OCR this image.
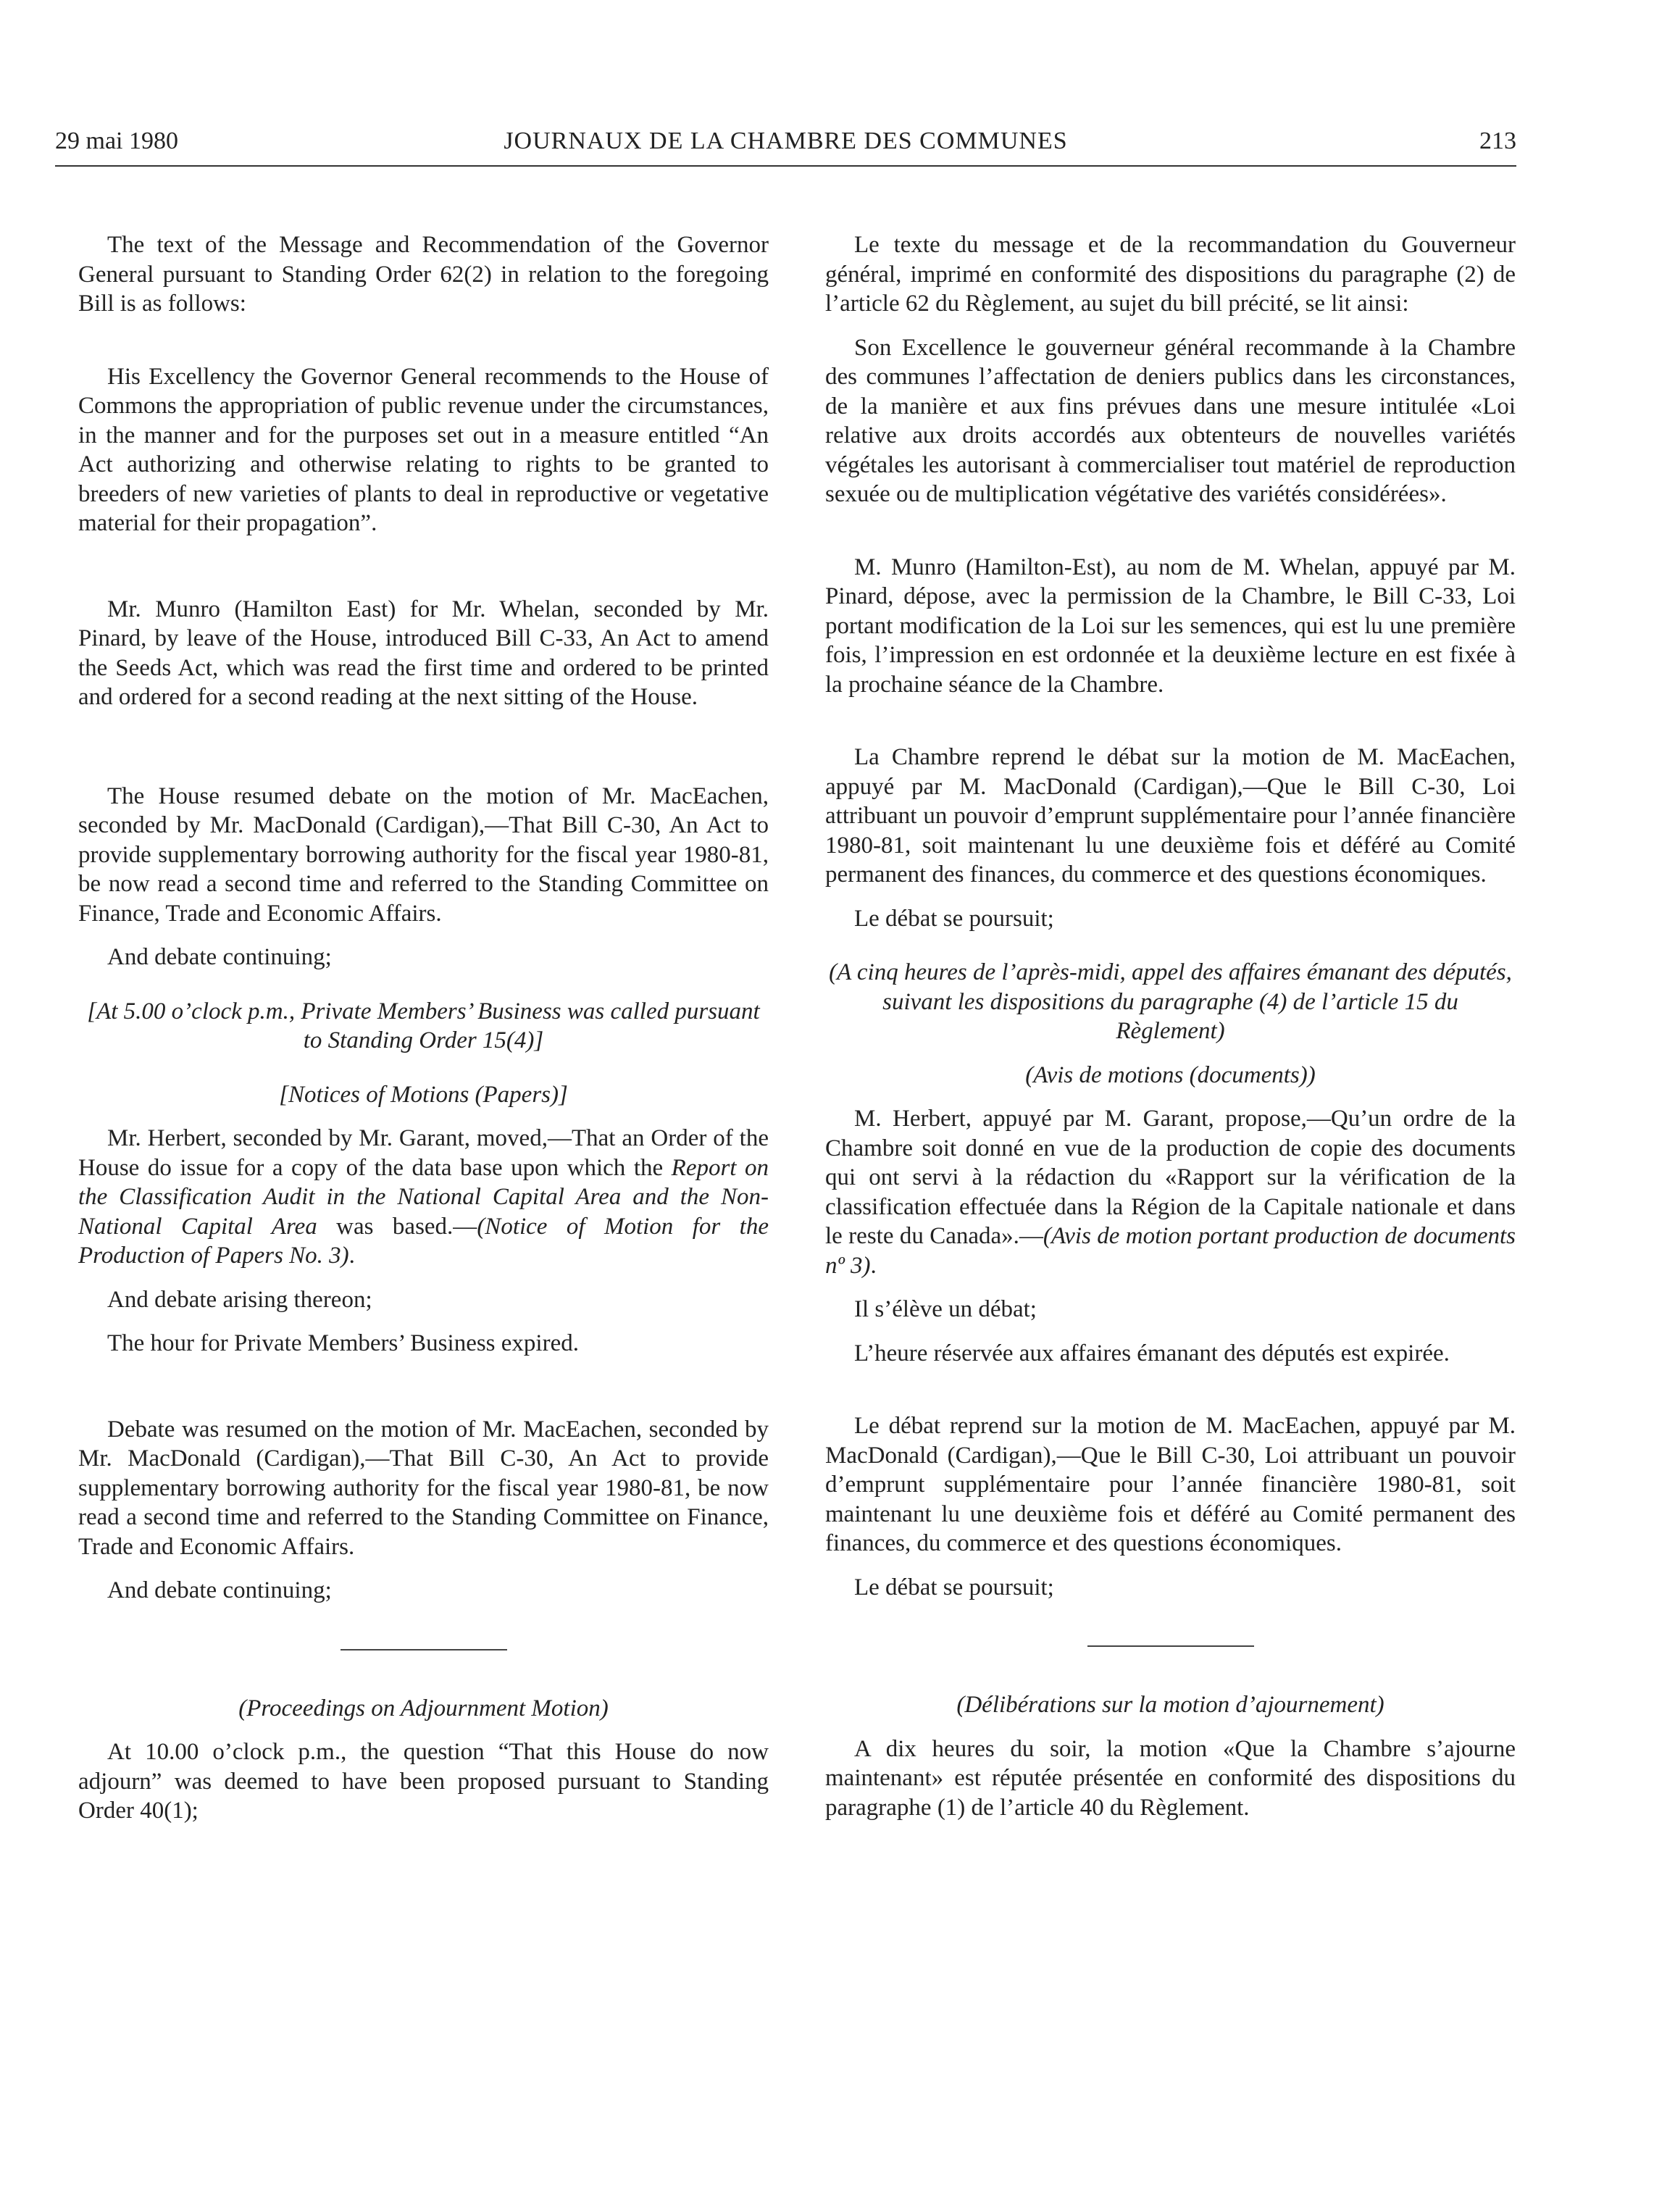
29 mai 1980	JOURNAUX DE LA CHAMBRE DES COMMUNES	213

The text of the Message and Recommendation of the Governor General pursuant to Standing Order 62(2) in relation to the foregoing Bill is as follows:

His Excellency the Governor General recommends to the House of Commons the appropriation of public revenue under the circumstances, in the manner and for the purposes set out in a measure entitled “An Act authorizing and otherwise relating to rights to be granted to breeders of new varieties of plants to deal in reproductive or vegetative material for their propagation”.

Mr. Munro (Hamilton East) for Mr. Whelan, seconded by Mr. Pinard, by leave of the House, introduced Bill C-33, An Act to amend the Seeds Act, which was read the first time and ordered to be printed and ordered for a second reading at the next sitting of the House.

The House resumed debate on the motion of Mr. MacEachen, seconded by Mr. MacDonald (Cardigan),—That Bill C-30, An Act to provide supplementary borrowing authority for the fiscal year 1980-81, be now read a second time and referred to the Standing Committee on Finance, Trade and Economic Affairs.

And debate continuing;

[At 5.00 o’clock p.m., Private Members’ Business was called pursuant to Standing Order 15(4)]

[Notices of Motions (Papers)]

Mr. Herbert, seconded by Mr. Garant, moved,—That an Order of the House do issue for a copy of the data base upon which the Report on the Classification Audit in the National Capital Area and the Non-National Capital Area was based.—(Notice of Motion for the Production of Papers No. 3).

And debate arising thereon;

The hour for Private Members’ Business expired.

Debate was resumed on the motion of Mr. MacEachen, seconded by Mr. MacDonald (Cardigan),—That Bill C-30, An Act to provide supplementary borrowing authority for the fiscal year 1980-81, be now read a second time and referred to the Standing Committee on Finance, Trade and Economic Affairs.

And debate continuing;

(Proceedings on Adjournment Motion)

At 10.00 o’clock p.m., the question “That this House do now adjourn” was deemed to have been proposed pursuant to Standing Order 40(1);

Le texte du message et de la recommandation du Gouverneur général, imprimé en conformité des dispositions du paragraphe (2) de l’article 62 du Règlement, au sujet du bill précité, se lit ainsi:

Son Excellence le gouverneur général recommande à la Chambre des communes l’affectation de deniers publics dans les circonstances, de la manière et aux fins prévues dans une mesure intitulée «Loi relative aux droits accordés aux obtenteurs de nouvelles variétés végétales les autorisant à commercialiser tout matériel de reproduction sexuée ou de multiplication végétative des variétés considérées».

M. Munro (Hamilton-Est), au nom de M. Whelan, appuyé par M. Pinard, dépose, avec la permission de la Chambre, le Bill C-33, Loi portant modification de la Loi sur les semences, qui est lu une première fois, l’impression en est ordonnée et la deuxième lecture en est fixée à la prochaine séance de la Chambre.

La Chambre reprend le débat sur la motion de M. MacEachen, appuyé par M. MacDonald (Cardigan),—Que le Bill C-30, Loi attribuant un pouvoir d’emprunt supplémentaire pour l’année financière 1980-81, soit maintenant lu une deuxième fois et déféré au Comité permanent des finances, du commerce et des questions économiques.

Le débat se poursuit;

(A cinq heures de l’après-midi, appel des affaires émanant des députés, suivant les dispositions du paragraphe (4) de l’article 15 du Règlement)

(Avis de motions (documents))

M. Herbert, appuyé par M. Garant, propose,—Qu’un ordre de la Chambre soit donné en vue de la production de copie des documents qui ont servi à la rédaction du «Rapport sur la vérification de la classification effectuée dans la Région de la Capitale nationale et dans le reste du Canada».—(Avis de motion portant production de documents nº 3).

Il s’élève un débat;

L’heure réservée aux affaires émanant des députés est expirée.

Le débat reprend sur la motion de M. MacEachen, appuyé par M. MacDonald (Cardigan),—Que le Bill C-30, Loi attribuant un pouvoir d’emprunt supplémentaire pour l’année financière 1980-81, soit maintenant lu une deuxième fois et déféré au Comité permanent des finances, du commerce et des questions économiques.

Le débat se poursuit;

(Délibérations sur la motion d’ajournement)

A dix heures du soir, la motion «Que la Chambre s’ajourne maintenant» est réputée présentée en conformité des dispositions du paragraphe (1) de l’article 40 du Règlement.
